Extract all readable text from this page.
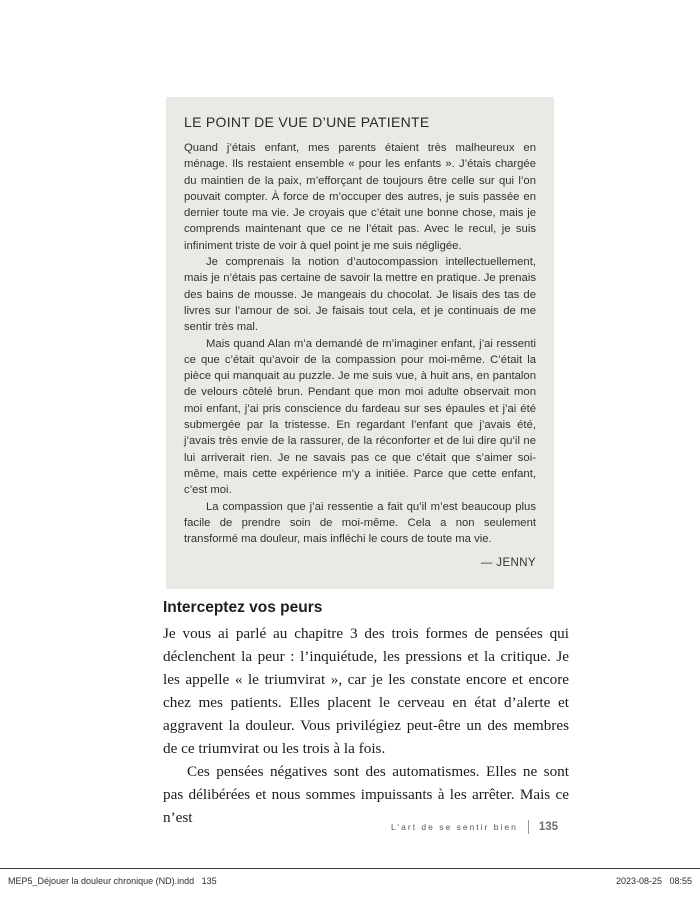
LE POINT DE VUE D’UNE PATIENTE

Quand j’étais enfant, mes parents étaient très malheureux en ménage. Ils restaient ensemble « pour les enfants ». J’étais chargée du maintien de la paix, m’efforçant de toujours être celle sur qui l’on pouvait compter. À force de m’occuper des autres, je suis passée en dernier toute ma vie. Je croyais que c’était une bonne chose, mais je comprends maintenant que ce ne l’était pas. Avec le recul, je suis infiniment triste de voir à quel point je me suis négligée.

Je comprenais la notion d’autocompassion intellectuellement, mais je n’étais pas certaine de savoir la mettre en pratique. Je prenais des bains de mousse. Je mangeais du chocolat. Je lisais des tas de livres sur l’amour de soi. Je faisais tout cela, et je continuais de me sentir très mal.

Mais quand Alan m’a demandé de m’imaginer enfant, j’ai ressenti ce que c’était qu’avoir de la compassion pour moi-même. C’était la pièce qui manquait au puzzle. Je me suis vue, à huit ans, en pantalon de velours côtelé brun. Pendant que mon moi adulte observait mon moi enfant, j’ai pris conscience du fardeau sur ses épaules et j’ai été submergée par la tristesse. En regardant l’enfant que j’avais été, j’avais très envie de la rassurer, de la réconforter et de lui dire qu’il ne lui arriverait rien. Je ne savais pas ce que c’était que s’aimer soi-même, mais cette expérience m’y a initiée. Parce que cette enfant, c’est moi.

La compassion que j’ai ressentie a fait qu’il m’est beaucoup plus facile de prendre soin de moi-même. Cela a non seulement transformé ma douleur, mais infléchi le cours de toute ma vie.

— JENNY
Interceptez vos peurs

Je vous ai parlé au chapitre 3 des trois formes de pensées qui déclenchent la peur : l’inquiétude, les pressions et la critique. Je les appelle « le triumvirat », car je les constate encore et encore chez mes patients. Elles placent le cerveau en état d’alerte et aggravent la douleur. Vous privilégiez peut-être un des membres de ce triumvirat ou les trois à la fois.

Ces pensées négatives sont des automatismes. Elles ne sont pas délibérées et nous sommes impuissants à les arrêter. Mais ce n’est

L’art de se sentir bien 135
MEP5_Déjouer la douleur chronique (ND).indd   135	2023-08-25   08:55
